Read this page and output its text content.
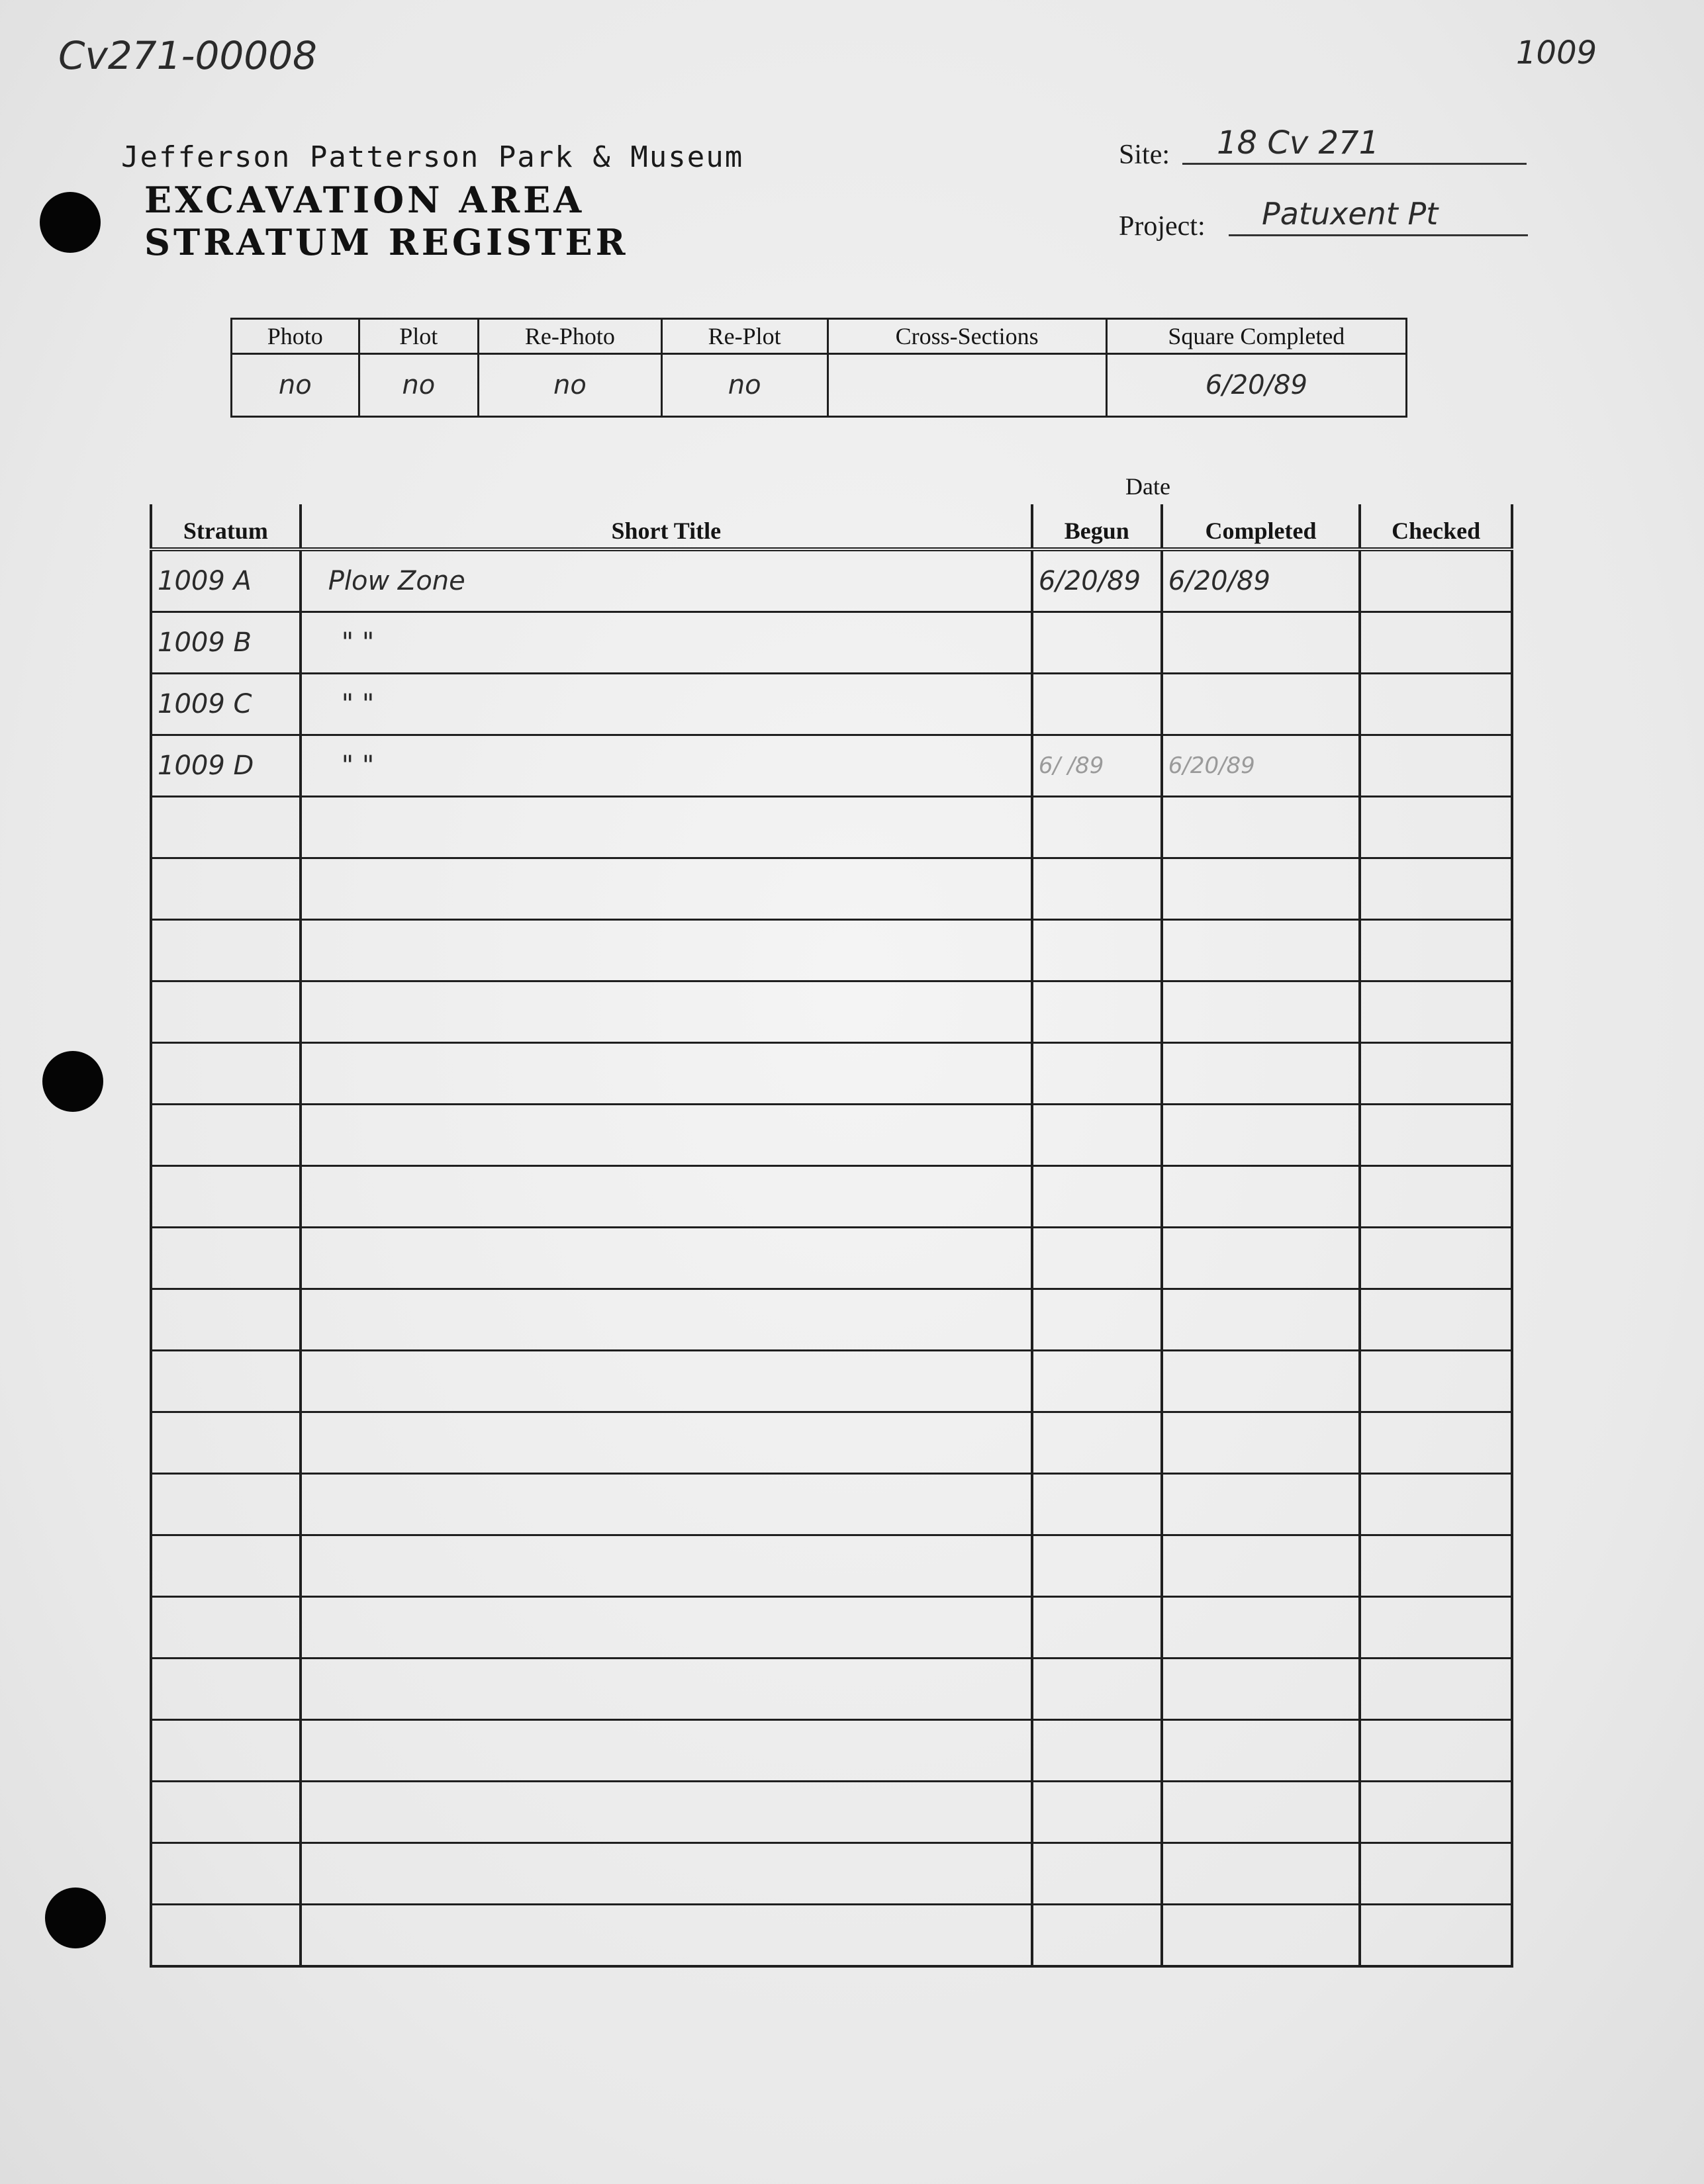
Cv271-00008	1009
Jefferson Patterson Park & Museum
EXCAVATION AREA
STRATUM REGISTER
Site: 18 Cv 271
Project: Patuxent Pt
Photo	Plot	Re-Photo	Re-Plot	Cross-Sections	Square Completed
no	no	no	no		6/20/89
Date
Stratum	Short Title	Begun	Completed	Checked
1009 A	Plow Zone	6/20/89	6/20/89	
1009 B	" "			
1009 C	" "			
1009 D	" "	6/ /89	6/20/89	
